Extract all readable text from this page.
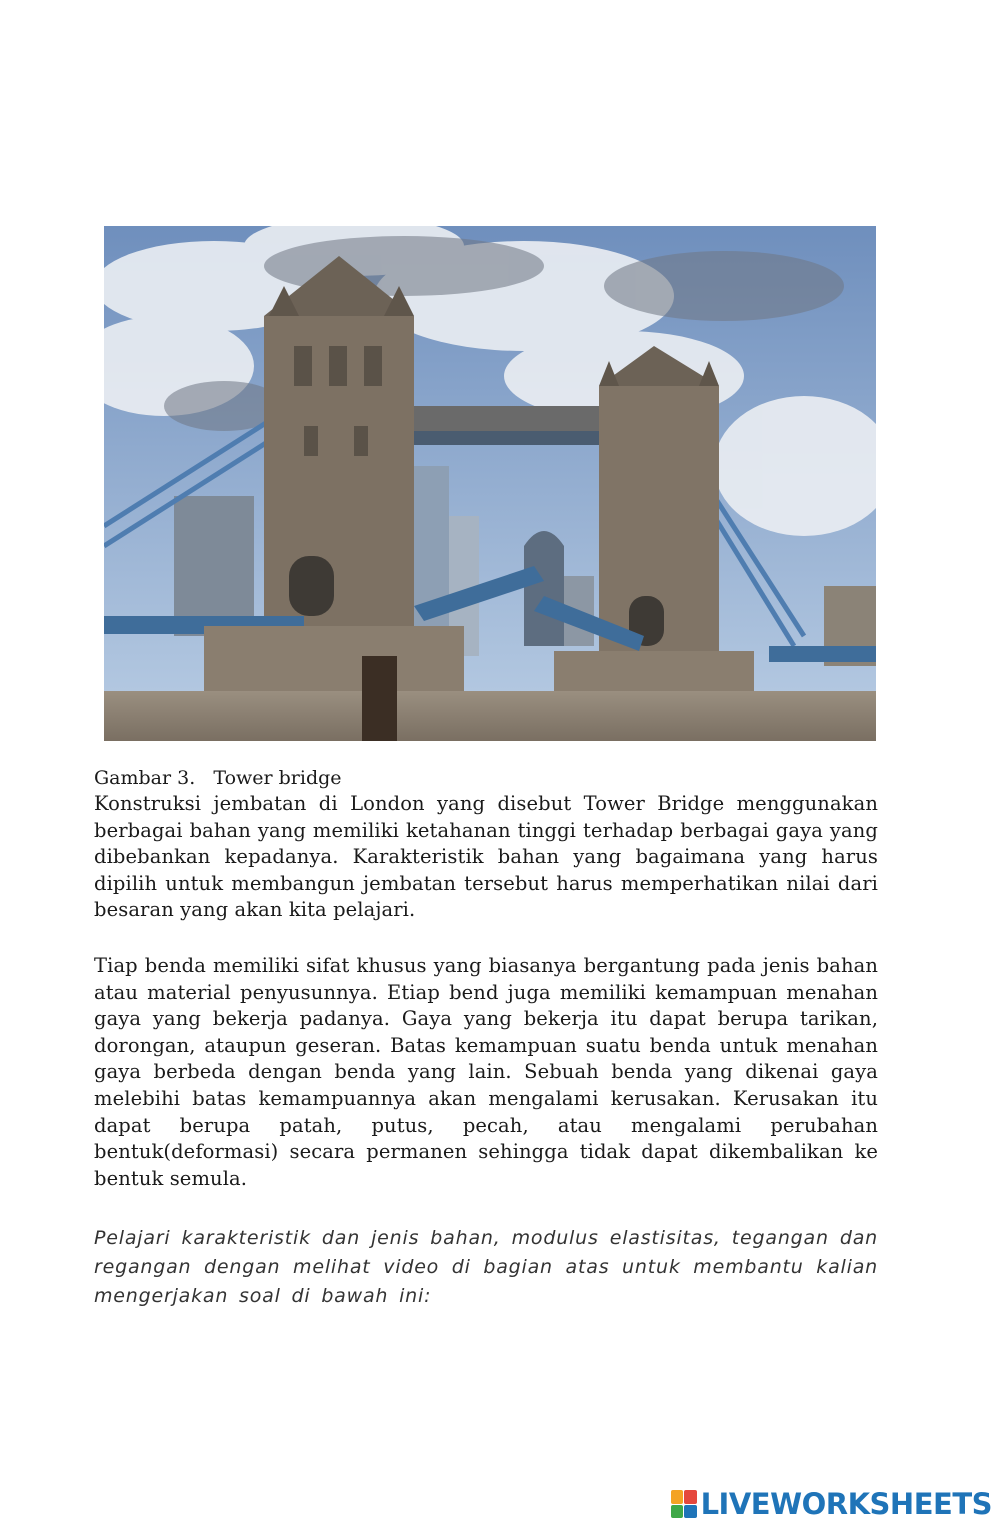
Gambar 3.   Tower bridge

Konstruksi jembatan di London yang disebut Tower Bridge menggunakan berbagai bahan yang memiliki ketahanan tinggi terhadap berbagai gaya yang dibebankan kepadanya. Karakteristik bahan yang bagaimana yang harus dipilih untuk membangun jembatan tersebut harus memperhatikan nilai dari besaran yang akan kita pelajari.

Tiap benda memiliki sifat khusus yang biasanya bergantung pada jenis bahan atau material penyusunnya. Etiap bend juga memiliki kemampuan menahan gaya yang bekerja padanya. Gaya yang bekerja itu dapat berupa tarikan, dorongan, ataupun geseran. Batas kemampuan suatu benda untuk menahan gaya berbeda dengan benda yang lain. Sebuah benda yang dikenai gaya melebihi batas kemampuannya akan mengalami kerusakan. Kerusakan itu dapat berupa patah, putus, pecah, atau mengalami perubahan bentuk(deformasi) secara permanen sehingga tidak dapat dikembalikan ke bentuk semula.

Pelajari karakteristik dan jenis bahan, modulus elastisitas, tegangan dan regangan dengan melihat video di bagian atas untuk membantu kalian mengerjakan soal di bawah ini:

LIVEWORKSHEETS
